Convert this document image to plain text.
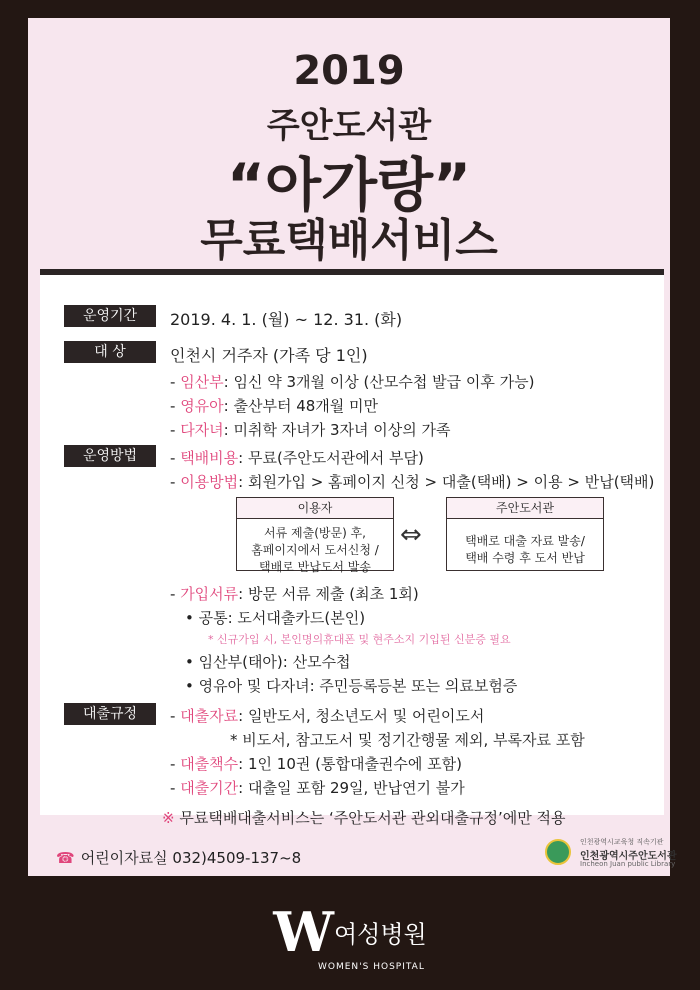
2019
주안도서관
“아가랑”
무료택배서비스
운영기간	2019. 4. 1. (월) ~ 12. 31. (화)
대 상	인천시 거주자 (가족 당 1인)
- 임산부: 임신 약 3개월 이상 (산모수첩 발급 이후 가능)
- 영유아: 출산부터 48개월 미만
- 다자녀: 미취학 자녀가 3자녀 이상의 가족
운영방법	- 택배비용: 무료(주안도서관에서 부담)
- 이용방법: 회원가입 > 홈페이지 신청 > 대출(택배) > 이용 > 반납(택배)
이용자
서류 제출(방문) 후,
홈페이지에서 도서신청 /
택배로 반납도서 발송
⇔
주안도서관
택배로 대출 자료 발송/
택배 수령 후 도서 반납
- 가입서류: 방문 서류 제출 (최초 1회)
• 공통: 도서대출카드(본인)
* 신규가입 시, 본인명의휴대폰 및 현주소지 기입된 신분증 필요
• 임산부(태아): 산모수첩
• 영유아 및 다자녀: 주민등록등본 또는 의료보험증
대출규정	- 대출자료: 일반도서, 청소년도서 및 어린이도서
* 비도서, 참고도서 및 정기간행물 제외, 부록자료 포함
- 대출책수: 1인 10권 (통합대출권수에 포함)
- 대출기간: 대출일 포함 29일, 반납연기 불가
※ 무료택배대출서비스는 ‘주안도서관 관외대출규정’에만 적용
☎ 어린이자료실 032)4509-137~8
인천광역시교육청 직속기관
인천광역시주안도서관
Incheon Juan public Library
W여성병원
WOMEN'S HOSPITAL
